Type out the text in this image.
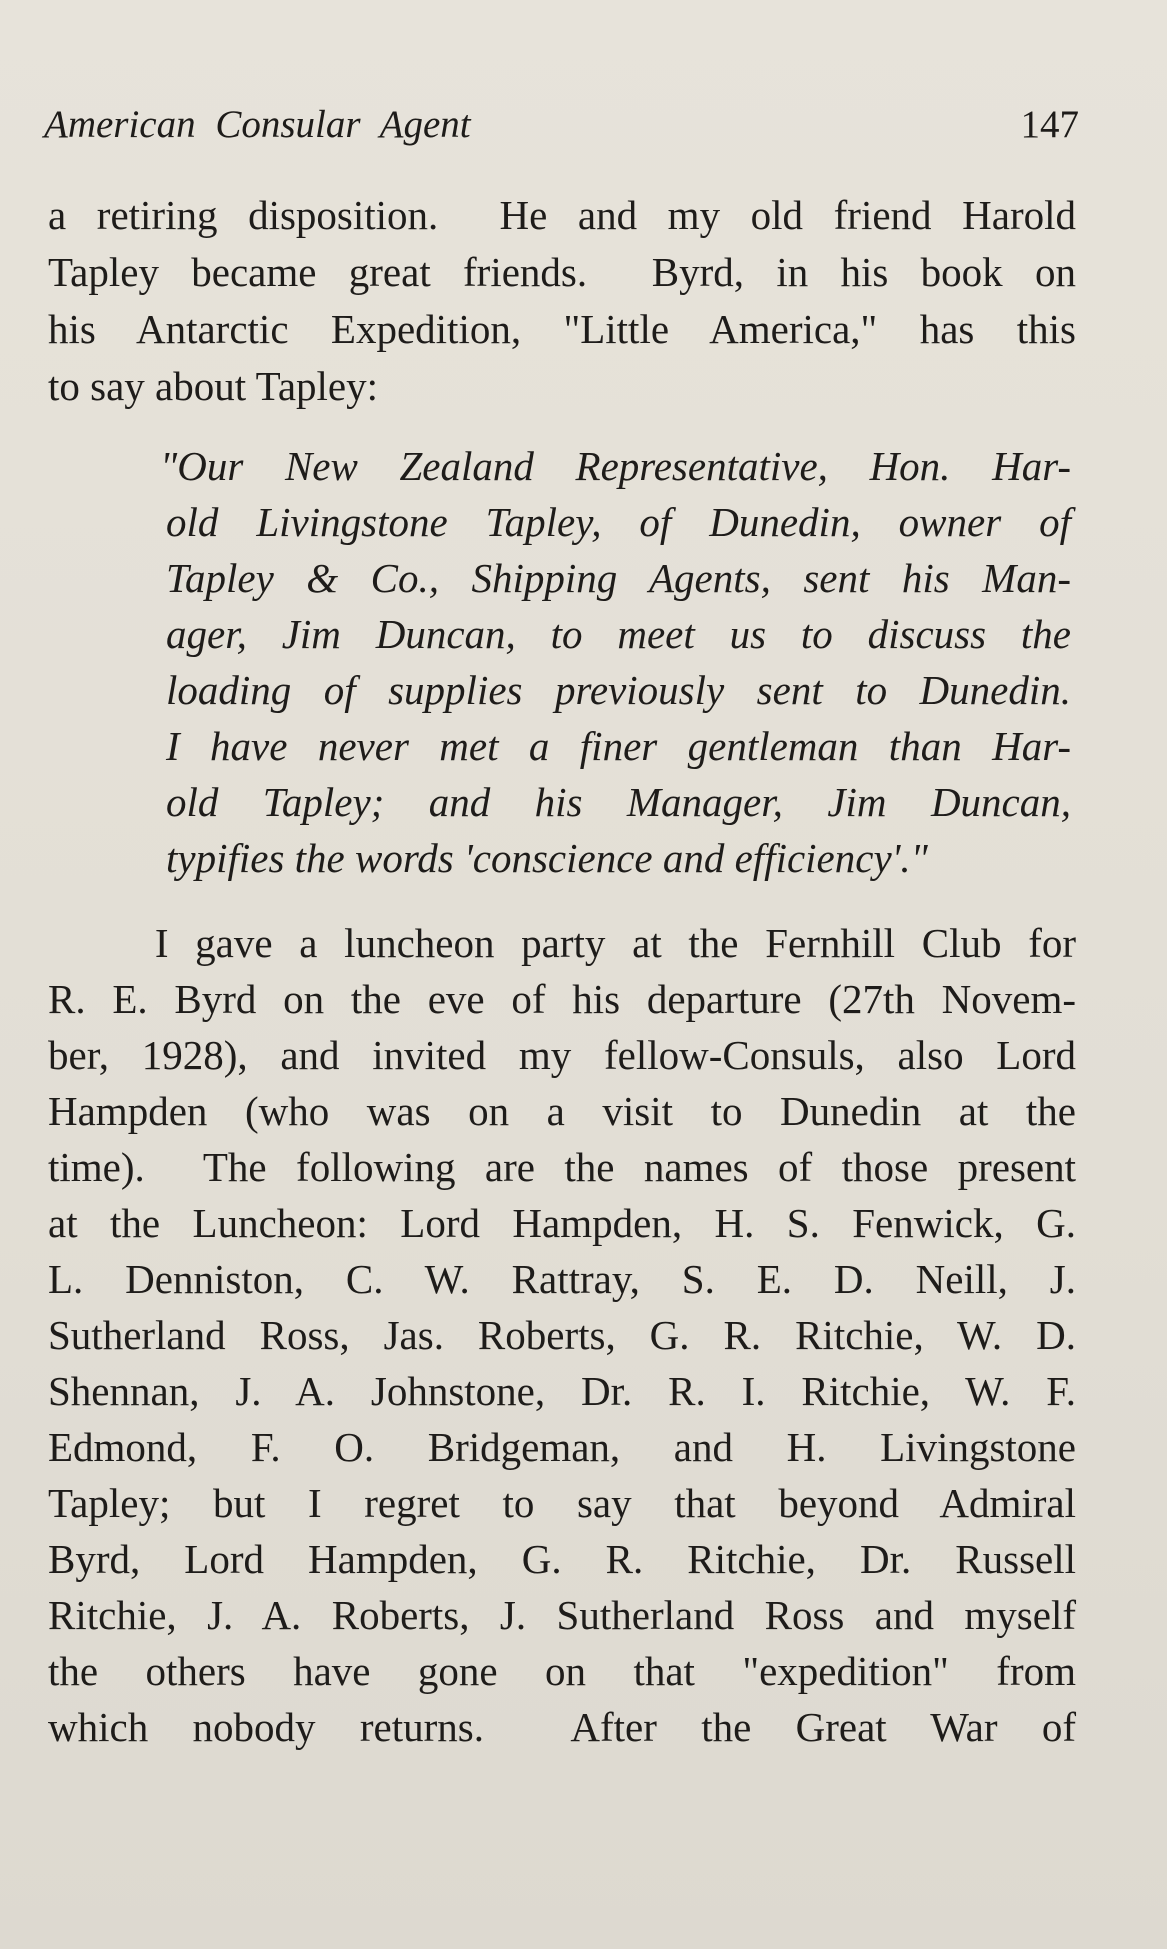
American Consular Agent	147
a retiring disposition.  He and my old friend Harold
Tapley became great friends.  Byrd, in his book on
his Antarctic Expedition, "Little America," has this
to say about Tapley:
"Our New Zealand Representative, Hon. Har-
old Livingstone Tapley, of Dunedin, owner of
Tapley & Co., Shipping Agents, sent his Man-
ager, Jim Duncan, to meet us to discuss the
loading of supplies previously sent to Dunedin.
I have never met a finer gentleman than Har-
old Tapley; and his Manager, Jim Duncan,
typifies the words 'conscience and efficiency'."
I gave a luncheon party at the Fernhill Club for
R. E. Byrd on the eve of his departure (27th Novem-
ber, 1928), and invited my fellow-Consuls, also Lord
Hampden (who was on a visit to Dunedin at the
time).  The following are the names of those present
at the Luncheon: Lord Hampden, H. S. Fenwick, G.
L. Denniston, C. W. Rattray, S. E. D. Neill, J.
Sutherland Ross, Jas. Roberts, G. R. Ritchie, W. D.
Shennan, J. A. Johnstone, Dr. R. I. Ritchie, W. F.
Edmond, F. O. Bridgeman, and H. Livingstone
Tapley; but I regret to say that beyond Admiral
Byrd, Lord Hampden, G. R. Ritchie, Dr. Russell
Ritchie, J. A. Roberts, J. Sutherland Ross and myself
the others have gone on that "expedition" from
which nobody returns.  After the Great War of
